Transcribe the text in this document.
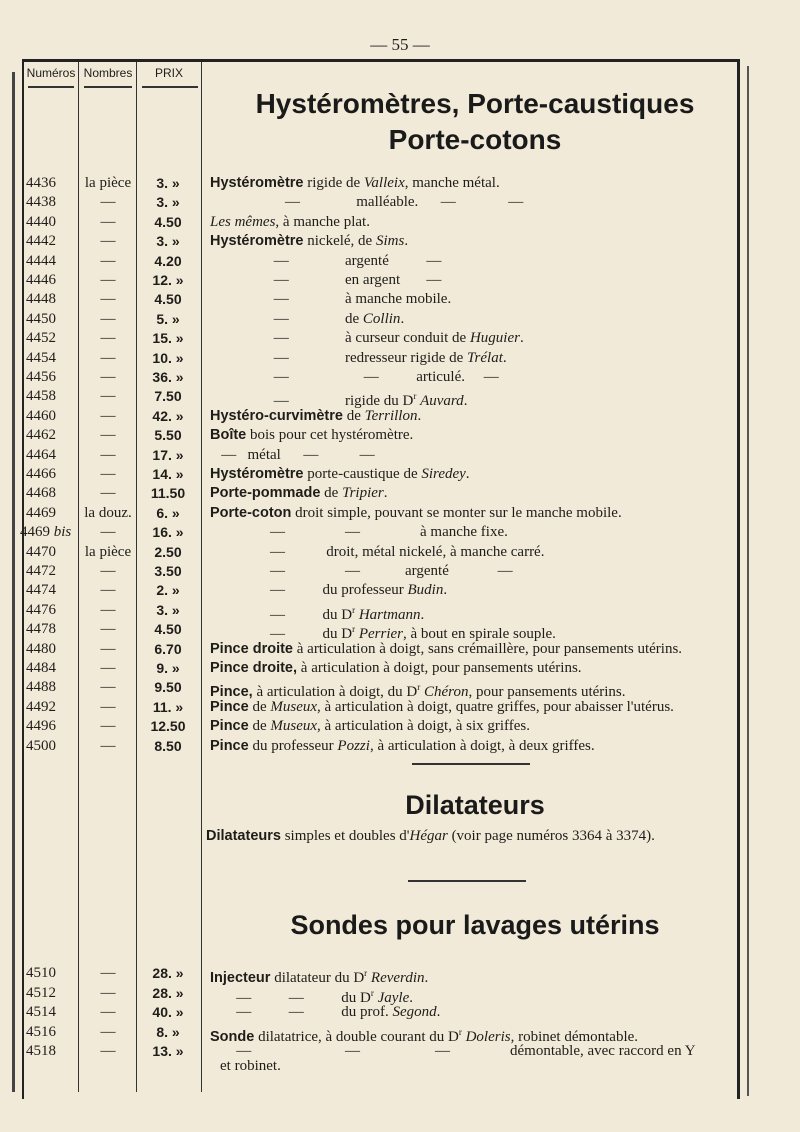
— 55 —
Numéros Nombres	PRIX
Hystéromètres, Porte-caustiques
Porte-cotons
4436	la pièce	3. »	Hystéromètre rigide de Valleix, manche métal.
4438	—	3. »	—               malléable.      —              —
4440	—	4.50	Les mêmes, à manche plat.
4442	—	3. »	Hystéromètre nickelé, de Sims.
4444	—	4.20	—               argenté          —
4446	—	12. »	—               en argent       —
4448	—	4.50	—               à manche mobile.
4450	—	5. »	—               de Collin.
4452	—	15. »	—               à curseur conduit de Huguier.
4454	—	10. »	—               redresseur rigide de Trélat.
4456	—	36. »	—                    —          articulé.     —
4458	—	7.50	—               rigide du $D^r$ Auvard.
4460	—	42. »	Hystéro-curvimètre de Terrillon.
4462	—	5.50	Boîte bois pour cet hystéromètre.
4464	—	17. »	—   métal      —           —
4466	—	14. »	Hystéromètre porte-caustique de Siredey.
4468	—	11.50	Porte-pommade de Tripier.
4469	la douz.	6. »	Porte-coton droit simple, pouvant se monter sur le manche mobile.
4469 bis	—	16. »	—                —                à manche fixe.
4470	la pièce	2.50	—           droit, métal nickelé, à manche carré.
4472	—	3.50	—                —            argenté             —
4474	—	2. »	—          du professeur Budin.
4476	—	3. »	—          du $D^r$ Hartmann.
4478	—	4.50	—          du $D^r$ Perrier, à bout en spirale souple.
4480	—	6.70	Pince droite à articulation à doigt, sans crémaillère, pour pansements utérins.
4484	—	9. »	Pince droite, à articulation à doigt, pour pansements utérins.
4488	—	9.50	Pince, à articulation à doigt, du $D^r$ Chéron, pour pansements utérins.
4492	—	11. »	Pince de Museux, à articulation à doigt, quatre griffes, pour abaisser l'utérus.
4496	—	12.50	Pince de Museux, à articulation à doigt, à six griffes.
4500	—	8.50	Pince du professeur Pozzi, à articulation à doigt, à deux griffes.
Dilatateurs
Dilatateurs simples et doubles d'Hégar (voir page numéros 3364 à 3374).
Sondes pour lavages utérins
4510	—	28. »	Injecteur dilatateur du $D^r$ Reverdin.
4512	—	28. »	—          —          du $D^r$ Jayle.
4514	—	40. »	—          —          du prof. Segond.
4516	—	8. »	Sonde dilatatrice, à double courant du $D^r$ Doleris, robinet démontable.
4518	—	13. »	—                         —                    —                démontable, avec raccord en Y
et robinet.
